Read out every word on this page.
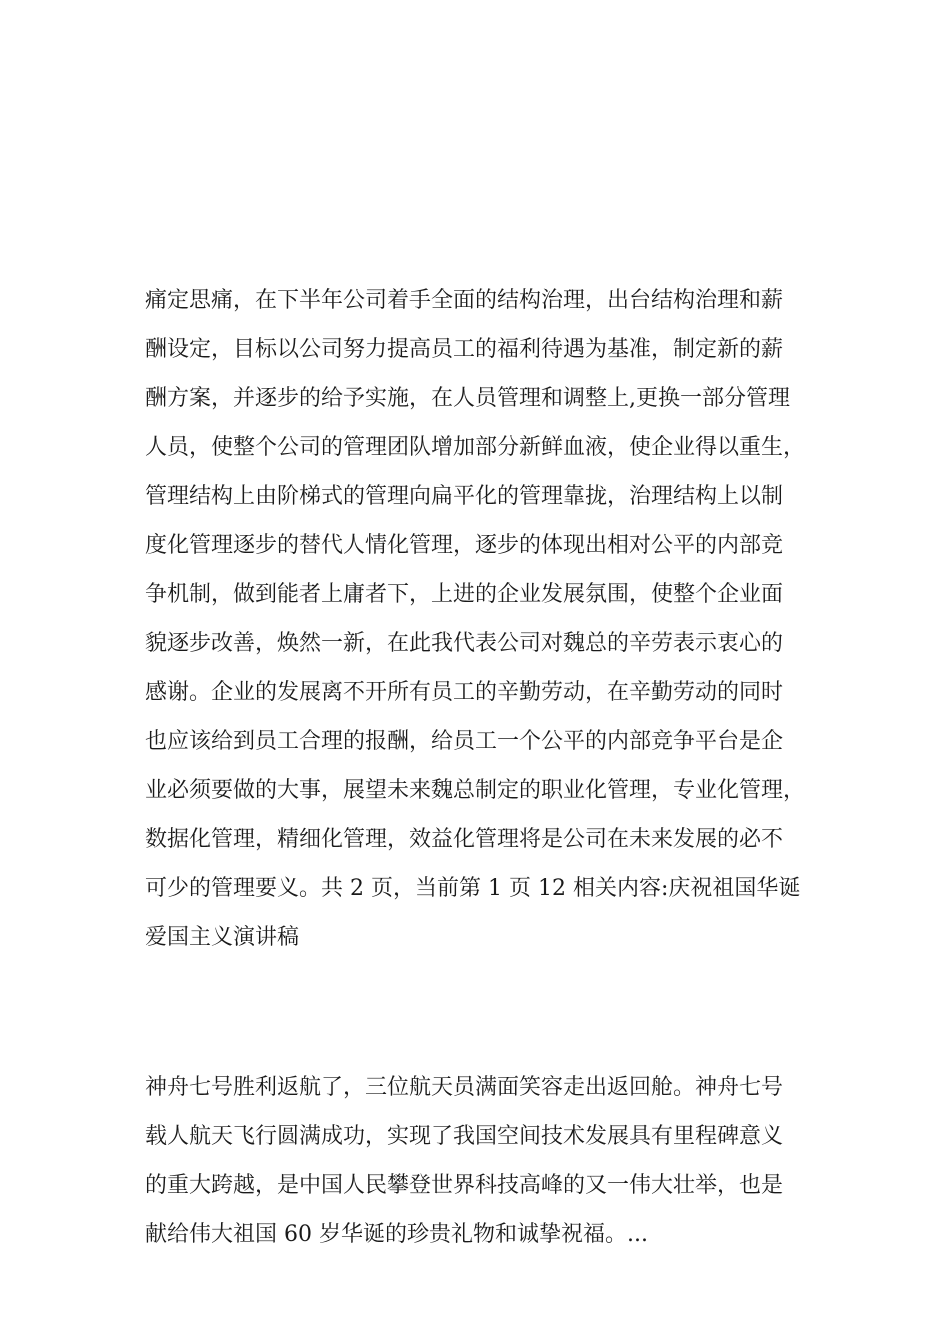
痛定思痛，在下半年公司着手全面的结构治理，出台结构治理和薪
酬设定，目标以公司努力提高员工的福利待遇为基准，制定新的薪
酬方案，并逐步的给予实施，在人员管理和调整上,更换一部分管理
人员，使整个公司的管理团队增加部分新鲜血液，使企业得以重生，
管理结构上由阶梯式的管理向扁平化的管理靠拢，治理结构上以制
度化管理逐步的替代人情化管理，逐步的体现出相对公平的内部竞
争机制，做到能者上庸者下，上进的企业发展氛围，使整个企业面
貌逐步改善，焕然一新，在此我代表公司对魏总的辛劳表示衷心的
感谢。企业的发展离不开所有员工的辛勤劳动，在辛勤劳动的同时
也应该给到员工合理的报酬，给员工一个公平的内部竞争平台是企
业必须要做的大事，展望未来魏总制定的职业化管理，专业化管理，
数据化管理，精细化管理，效益化管理将是公司在未来发展的必不
可少的管理要义。共 2 页，当前第 1 页 12 相关内容:庆祝祖国华诞
爱国主义演讲稿
神舟七号胜利返航了，三位航天员满面笑容走出返回舱。神舟七号
载人航天飞行圆满成功，实现了我国空间技术发展具有里程碑意义
的重大跨越，是中国人民攀登世界科技高峰的又一伟大壮举，也是
献给伟大祖国 60 岁华诞的珍贵礼物和诚挚祝福。...
